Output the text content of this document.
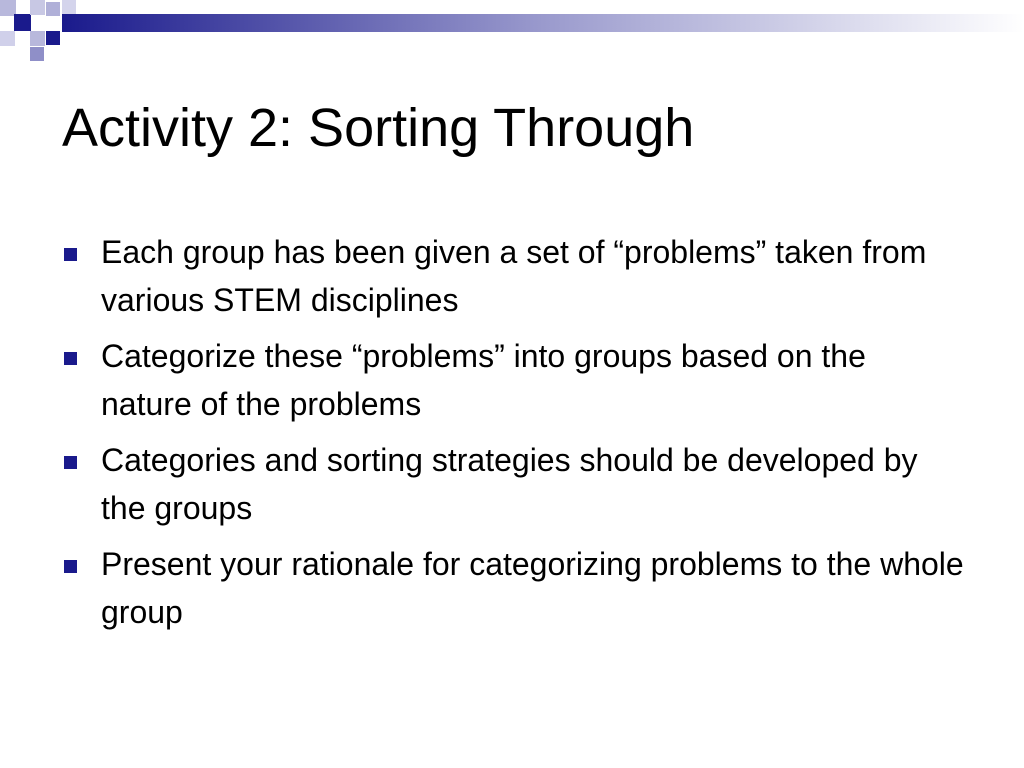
Activity 2: Sorting Through
Each group has been given a set of “problems” taken from various STEM disciplines
Categorize these “problems” into groups based on the nature of the problems
Categories and sorting strategies should be developed by the groups
Present your rationale for categorizing problems to the whole group
